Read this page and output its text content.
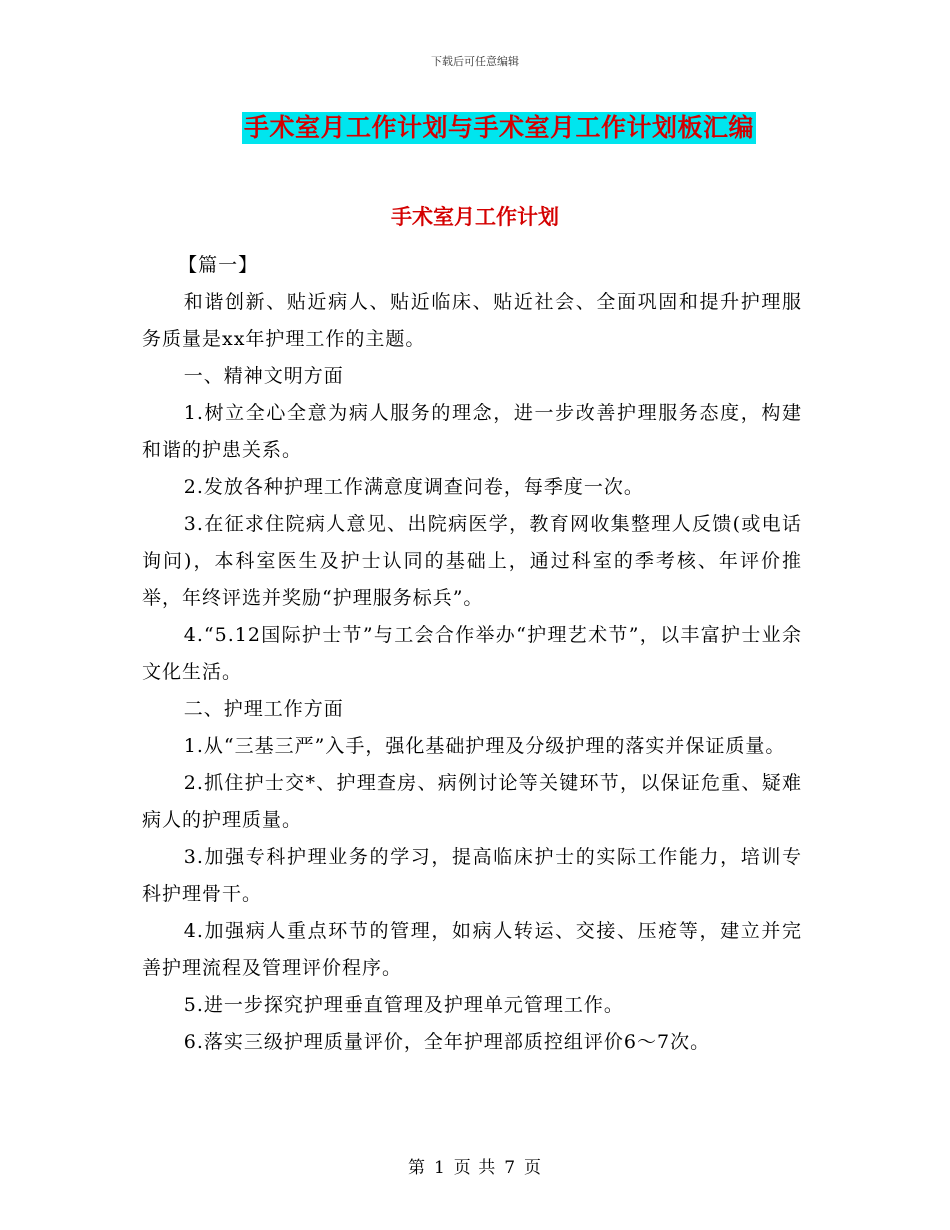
下载后可任意编辑
手术室月工作计划与手术室月工作计划板汇编
手术室月工作计划

【篇一】

和谐创新、贴近病人、贴近临床、贴近社会、全面巩固和提升护理服务质量是xx年护理工作的主题。

一、精神文明方面

1.树立全心全意为病人服务的理念，进一步改善护理服务态度，构建和谐的护患关系。

2.发放各种护理工作满意度调查问卷，每季度一次。

3.在征求住院病人意见、出院病医学，教育网收集整理人反馈(或电话询问)，本科室医生及护士认同的基础上，通过科室的季考核、年评价推举，年终评选并奖励“护理服务标兵”。

4.“5.12国际护士节”与工会合作举办“护理艺术节”，以丰富护士业余文化生活。

二、护理工作方面

1.从“三基三严”入手，强化基础护理及分级护理的落实并保证质量。

2.抓住护士交*、护理查房、病例讨论等关键环节，以保证危重、疑难病人的护理质量。

3.加强专科护理业务的学习，提高临床护士的实际工作能力，培训专科护理骨干。

4.加强病人重点环节的管理，如病人转运、交接、压疮等，建立并完善护理流程及管理评价程序。

5.进一步探究护理垂直管理及护理单元管理工作。

6.落实三级护理质量评价，全年护理部质控组评价6～7次。

第 1 页 共 7 页
